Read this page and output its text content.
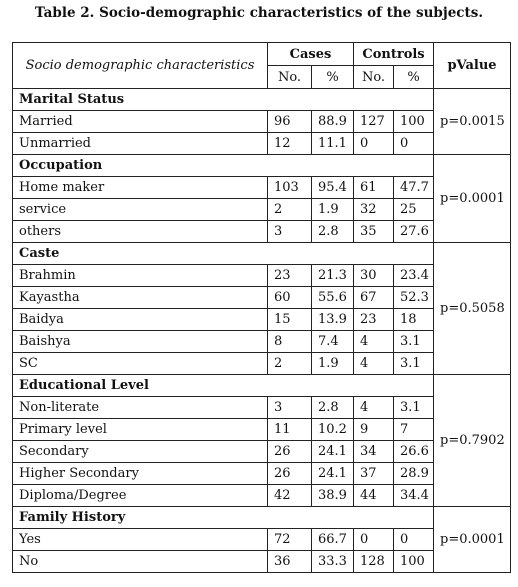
Table 2. Socio-demographic characteristics of the subjects.
Socio demographic characteristics	Cases		Controls		pValue
	No.	%	No.	%	
Marital Status					p=0.0015
Married	96	88.9	127	100	
Unmarried	12	11.1	0	0	
Occupation					p=0.0001
Home maker	103	95.4	61	47.7	
service	2	1.9	32	25	
others	3	2.8	35	27.6	
Caste					p=0.5058
Brahmin	23	21.3	30	23.4	
Kayastha	60	55.6	67	52.3	
Baidya	15	13.9	23	18	
Baishya	8	7.4	4	3.1	
SC	2	1.9	4	3.1	
Educational Level					p=0.7902
Non-literate	3	2.8	4	3.1	
Primary level	11	10.2	9	7	
Secondary	26	24.1	34	26.6	
Higher Secondary	26	24.1	37	28.9	
Diploma/Degree	42	38.9	44	34.4	
Family History					p=0.0001
Yes	72	66.7	0	0	
No	36	33.3	128	100	
